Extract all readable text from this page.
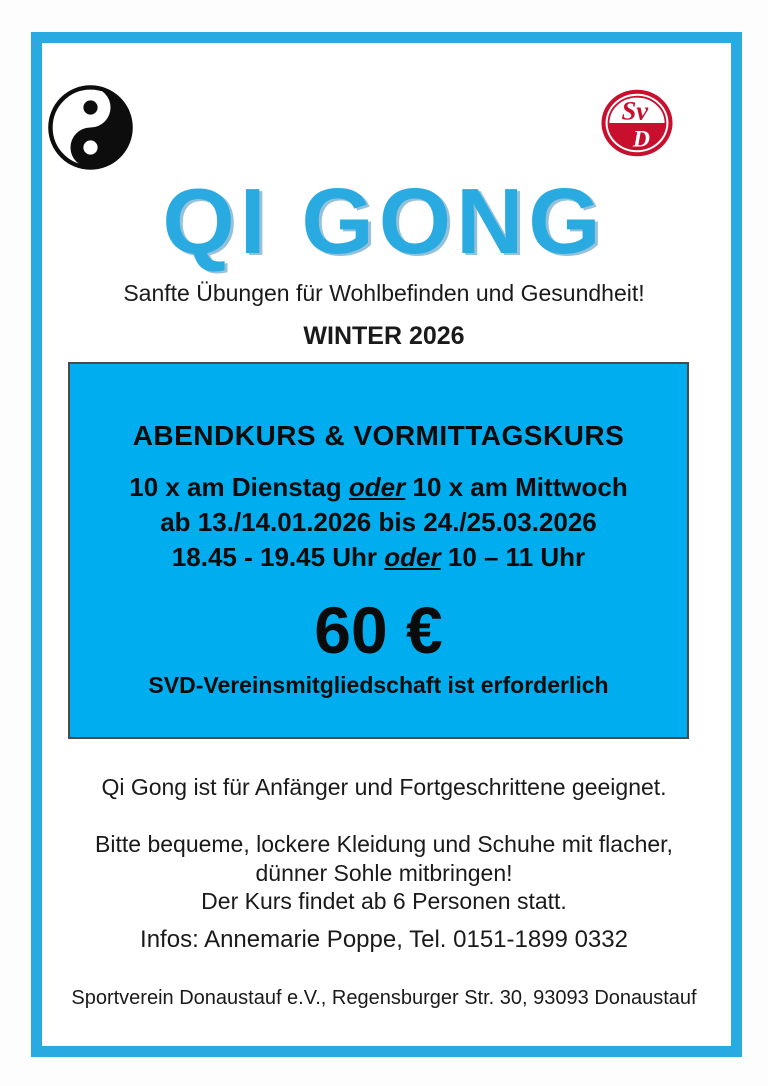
Sv
D
QI GONG

Sanfte Übungen für Wohlbefinden und Gesundheit!

WINTER 2026

ABENDKURS & VORMITTAGSKURS

10 x am Dienstag oder 10 x am Mittwoch

ab 13./14.01.2026 bis 24./25.03.2026

18.45 - 19.45 Uhr oder 10 – 11 Uhr

60 €

SVD-Vereinsmitgliedschaft ist erforderlich

Qi Gong ist für Anfänger und Fortgeschrittene geeignet.

Bitte bequeme, lockere Kleidung und Schuhe mit flacher,

dünner Sohle mitbringen!

Der Kurs findet ab 6 Personen statt.

Infos: Annemarie Poppe, Tel. 0151-1899 0332

Sportverein Donaustauf e.V., Regensburger Str. 30, 93093 Donaustauf
